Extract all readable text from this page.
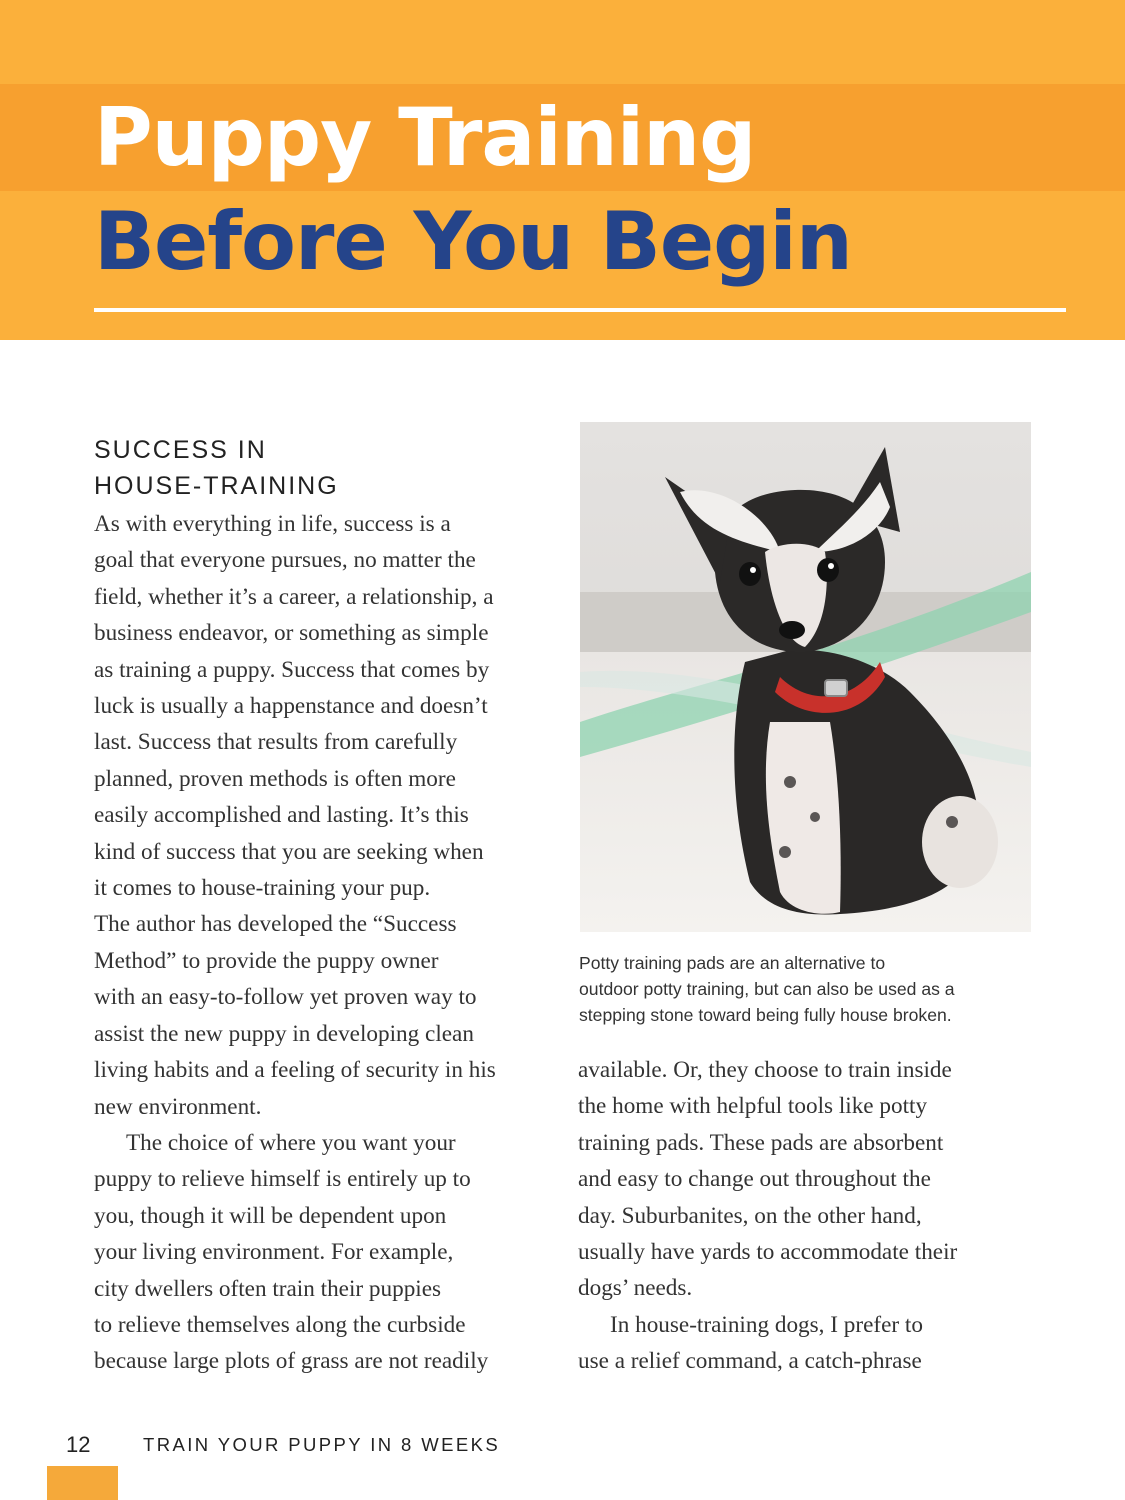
Puppy Training
Before You Begin
SUCCESS IN
HOUSE-TRAINING
As with everything in life, success is a
goal that everyone pursues, no matter the
field, whether it’s a career, a relationship, a
business endeavor, or something as simple
as training a puppy. Success that comes by
luck is usually a happenstance and doesn’t
last. Success that results from carefully
planned, proven methods is often more
easily accomplished and lasting. It’s this
kind of success that you are seeking when
it comes to house-training your pup.
The author has developed the “Success
Method” to provide the puppy owner
with an easy-to-follow yet proven way to
assist the new puppy in developing clean
living habits and a feeling of security in his
new environment.
The choice of where you want your
puppy to relieve himself is entirely up to
you, though it will be dependent upon
your living environment. For example,
city dwellers often train their puppies
to relieve themselves along the curbside
because large plots of grass are not readily

Potty training pads are an alternative to
outdoor potty training, but can also be used as a
stepping stone toward being fully house broken.

available. Or, they choose to train inside
the home with helpful tools like potty
training pads. These pads are absorbent
and easy to change out throughout the
day. Suburbanites, on the other hand,
usually have yards to accommodate their
dogs’ needs.
In house-training dogs, I prefer to
use a relief command, a catch-phrase
12	TRAIN YOUR PUPPY IN 8 WEEKS
